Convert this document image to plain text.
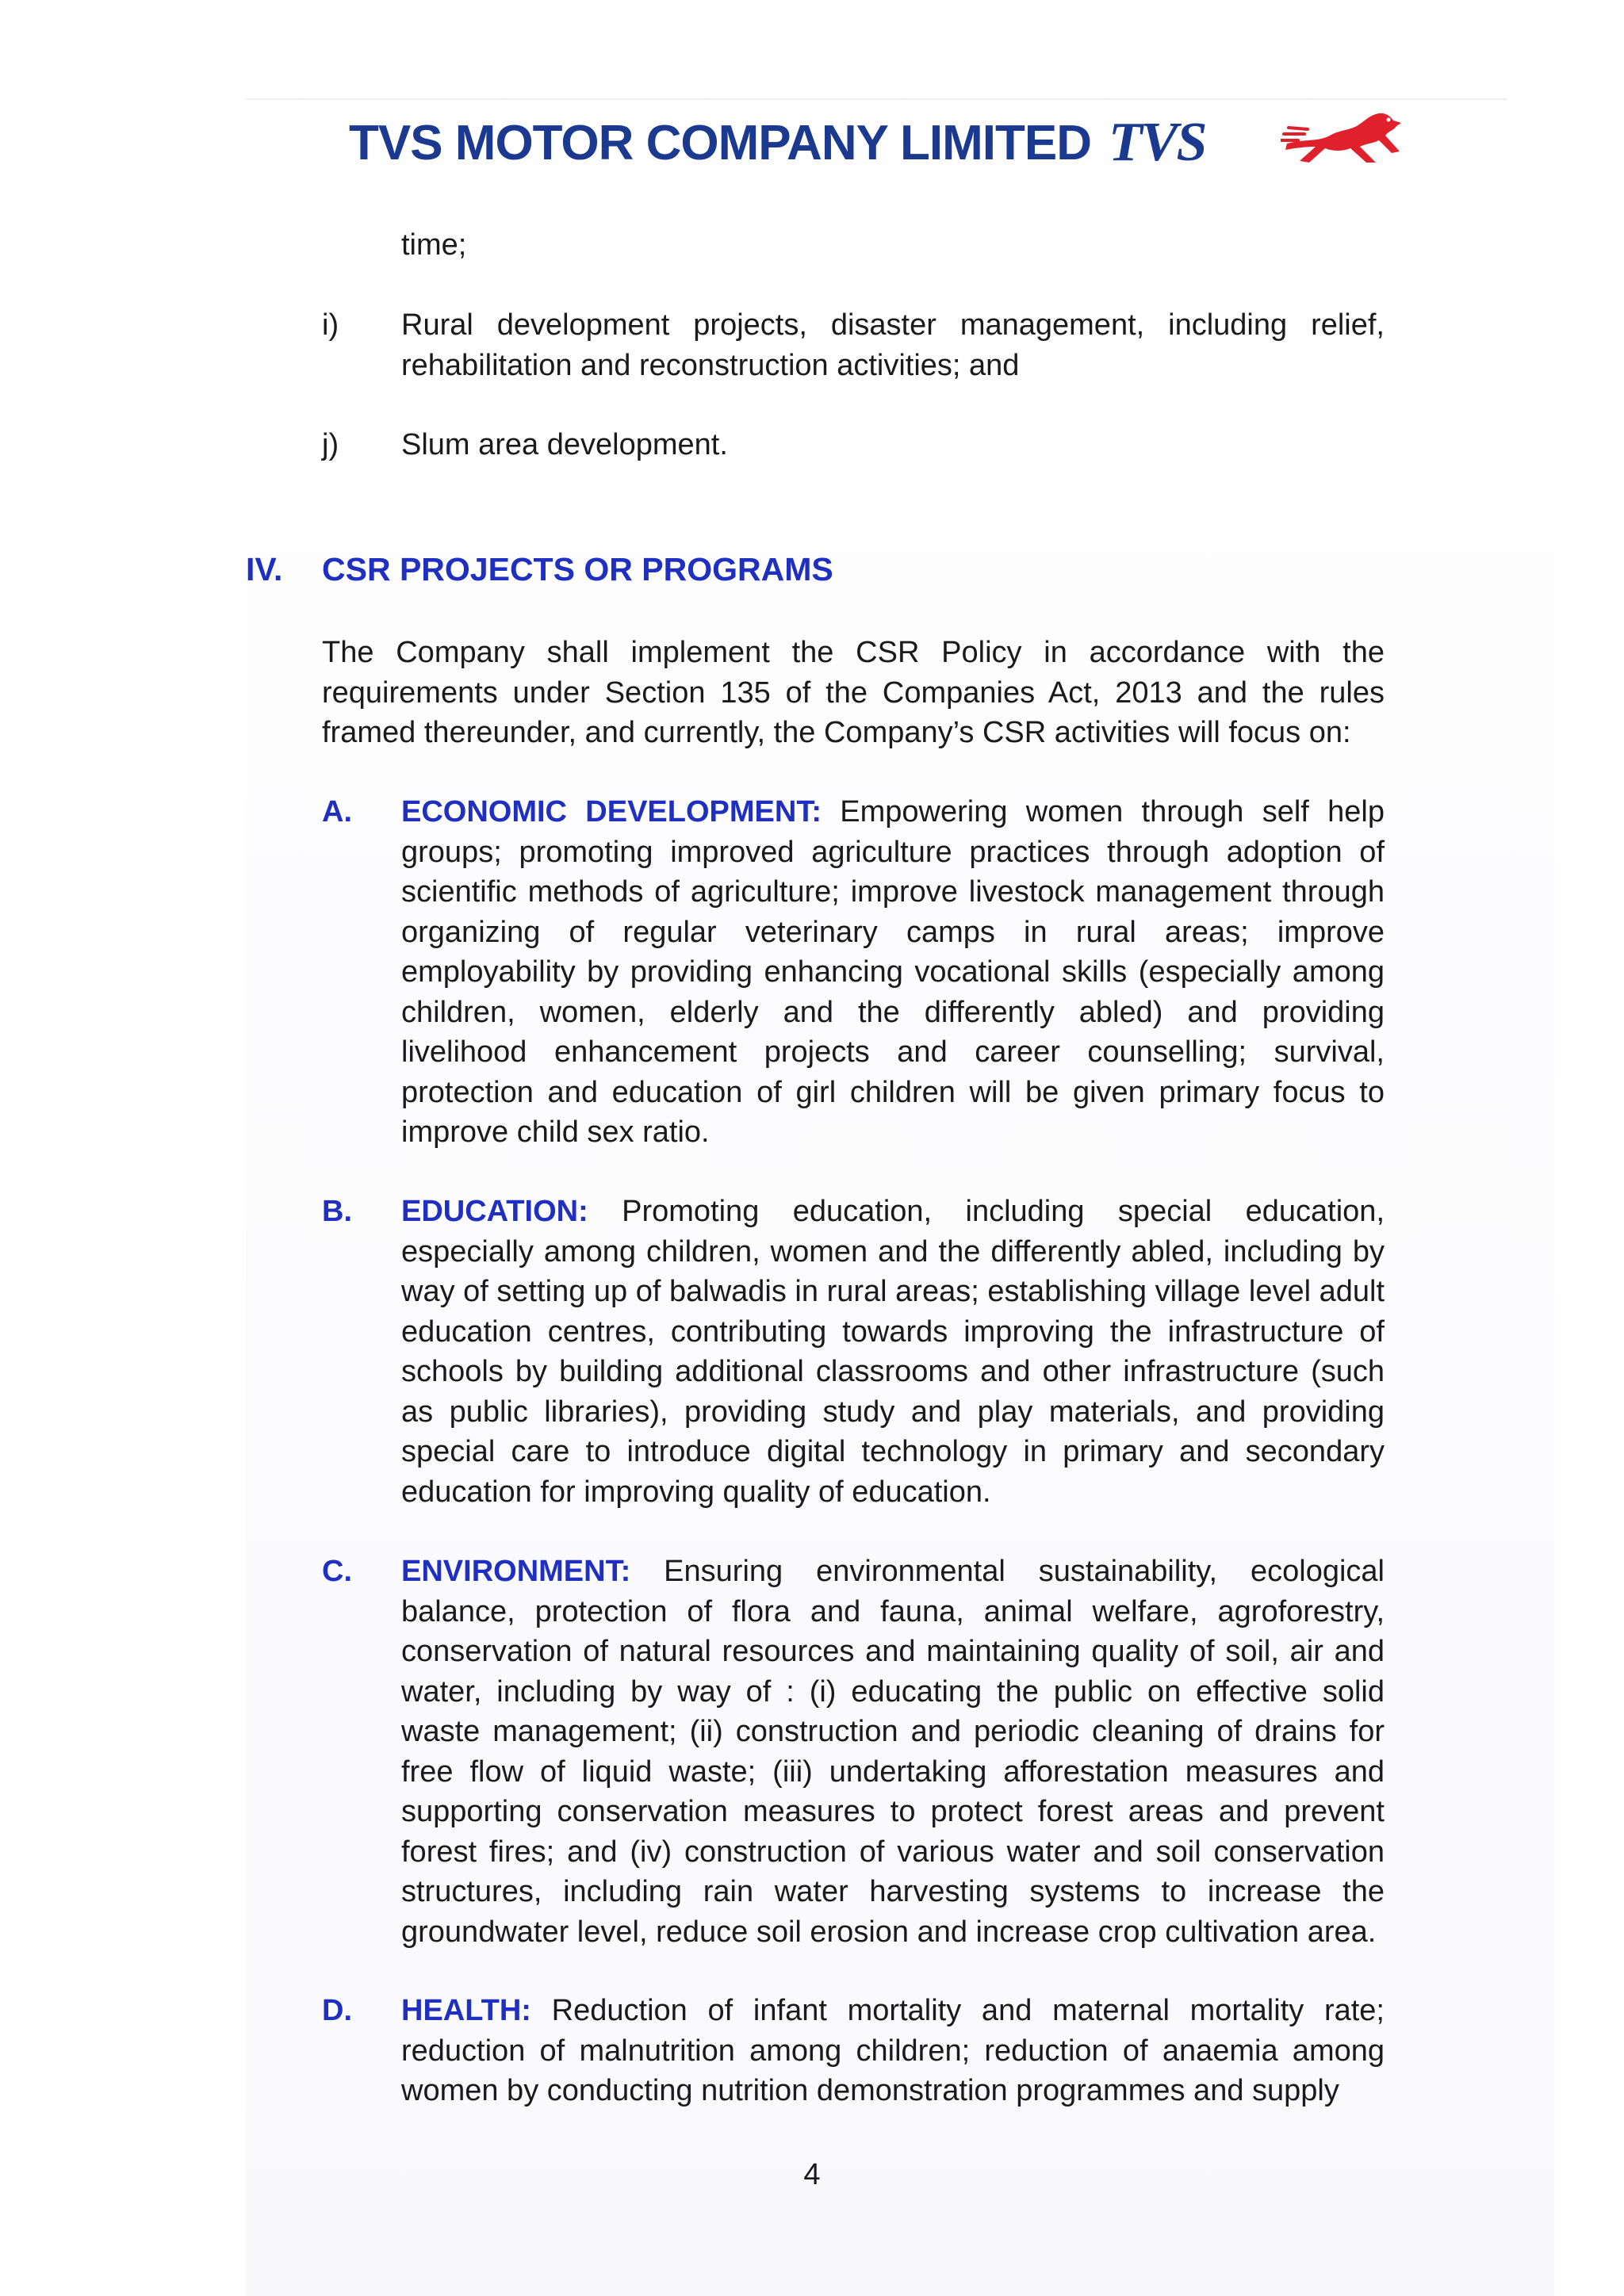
TVS MOTOR COMPANY LIMITED TVS
time;
i) Rural development projects, disaster management, including relief, rehabilitation and reconstruction activities; and
j) Slum area development.
IV. CSR PROJECTS OR PROGRAMS
The Company shall implement the CSR Policy in accordance with the requirements under Section 135 of the Companies Act, 2013 and the rules framed thereunder, and currently, the Company’s CSR activities will focus on:
A. ECONOMIC DEVELOPMENT: Empowering women through self help groups; promoting improved agriculture practices through adoption of scientific methods of agriculture; improve livestock management through organizing of regular veterinary camps in rural areas; improve employability by providing enhancing vocational skills (especially among children, women, elderly and the differently abled) and providing livelihood enhancement projects and career counselling; survival, protection and education of girl children will be given primary focus to improve child sex ratio.
B. EDUCATION: Promoting education, including special education, especially among children, women and the differently abled, including by way of setting up of balwadis in rural areas; establishing village level adult education centres, contributing towards improving the infrastructure of schools by building additional classrooms and other infrastructure (such as public libraries), providing study and play materials, and providing special care to introduce digital technology in primary and secondary education for improving quality of education.
C. ENVIRONMENT: Ensuring environmental sustainability, ecological balance, protection of flora and fauna, animal welfare, agroforestry, conservation of natural resources and maintaining quality of soil, air and water, including by way of : (i) educating the public on effective solid waste management; (ii) construction and periodic cleaning of drains for free flow of liquid waste; (iii) undertaking afforestation measures and supporting conservation measures to protect forest areas and prevent forest fires; and (iv) construction of various water and soil conservation structures, including rain water harvesting systems to increase the groundwater level, reduce soil erosion and increase crop cultivation area.
D. HEALTH: Reduction of infant mortality and maternal mortality rate; reduction of malnutrition among children; reduction of anaemia among women by conducting nutrition demonstration programmes and supply
4
